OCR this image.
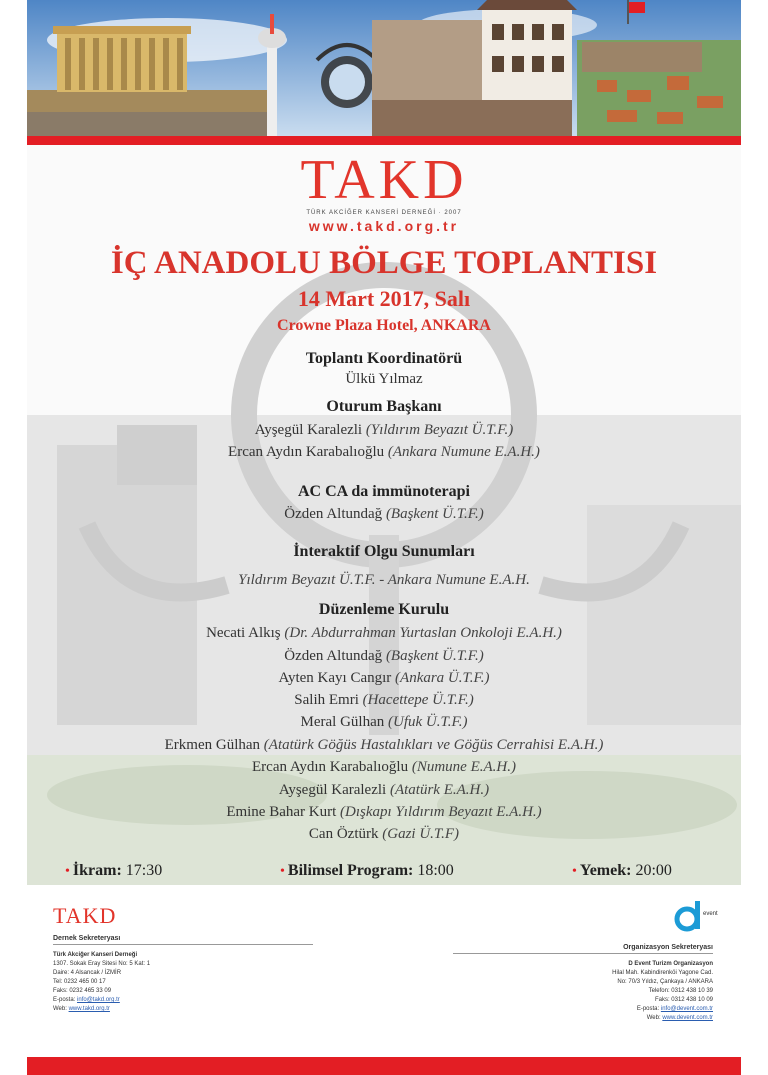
TAKD
TÜRK AKCİĞER KANSERİ DERNEĞİ · 2007
www.takd.org.tr
İÇ ANADOLU BÖLGE TOPLANTISI
14 Mart 2017, Salı
Crowne Plaza Hotel, ANKARA
Toplantı Koordinatörü
Ülkü Yılmaz
Oturum Başkanı
Ayşegül Karalezli (Yıldırım Beyazıt Ü.T.F.)
Ercan Aydın Karabalıoğlu (Ankara Numune E.A.H.)
AC CA da immünoterapi
Özden Altundağ (Başkent Ü.T.F.)
İnteraktif Olgu Sunumları
Yıldırım Beyazıt Ü.T.F. - Ankara Numune E.A.H.
Düzenleme Kurulu
Necati Alkış (Dr. Abdurrahman Yurtaslan Onkoloji E.A.H.)
Özden Altundağ (Başkent Ü.T.F.)
Ayten Kayı Cangır (Ankara Ü.T.F.)
Salih Emri (Hacettepe Ü.T.F.)
Meral Gülhan (Ufuk Ü.T.F.)
Erkmen Gülhan (Atatürk Göğüs Hastalıkları ve Göğüs Cerrahisi E.A.H.)
Ercan Aydın Karabalıoğlu (Numune E.A.H.)
Ayşegül Karalezli (Atatürk E.A.H.)
Emine Bahar Kurt (Dışkapı Yıldırım Beyazıt E.A.H.)
Can Öztürk (Gazi Ü.T.F)
• İkram: 17:30	• Bilimsel Program: 18:00	• Yemek: 20:00
TAKD
Dernek Sekreteryası
Türk Akciğer Kanseri Derneği
1307. Sokak Eray Sitesi No: 5 Kat: 1
Daire: 4 Alsancak / İZMİR
Tel: 0232 465 00 17
Faks: 0232 465 33 09
E-posta: info@takd.org.tr
Web: www.takd.org.tr
event
Organizasyon Sekreteryası
D Event Turizm Organizasyon
Hilal Mah. Kabindirenköi Yagone Cad.
No: 70/3 Yıldız, Çankaya / ANKARA
Telefon: 0312 438 10 39
Faks: 0312 438 10 09
E-posta: info@devent.com.tr
Web: www.devent.com.tr
